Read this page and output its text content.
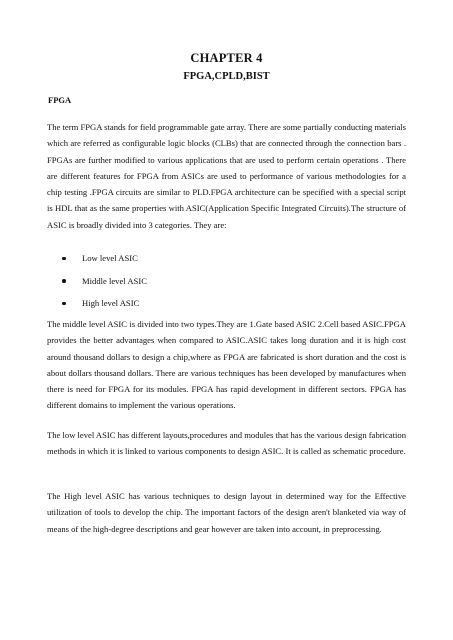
CHAPTER 4
FPGA,CPLD,BIST
FPGA

The term FPGA stands for field programmable gate array. There are some partially conducting materials which are referred as configurable logic blocks (CLBs) that are connected through the connection bars . FPGAs are further modified to various applications that are used to perform certain operations . There are different features for FPGA from ASICs are used to performance of various methodologies for a chip testing .FPGA circuits are similar to PLD.FPGA architecture can be specified with a special script is HDL that as the same properties with ASIC(Application Specific Integrated Circuits).The structure of ASIC is broadly divided into 3 categories. They are:

Low level ASIC
Middle level ASIC
High level ASIC

The middle level ASIC is divided into two types.They are 1.Gate based ASIC 2.Cell based ASIC.FPGA provides the better advantages when compared to ASIC.ASIC takes long duration and it is high cost around thousand dollars to design a chip,where as FPGA are fabricated is short duration and the cost is about dollars thousand dollars. There are various techniques has been developed by manufactures when there is need for FPGA for its modules. FPGA has rapid development in different sectors. FPGA has different domains to implement the various operations.

The low level ASIC has different layouts,procedures and modules that has the various design fabrication methods in which it is linked to various components to design ASIC. It is called as schematic procedure.

The High level ASIC has various techniques to design layout in determined way for the Effective utilization of tools to develop the chip. The important factors of the design aren't blanketed via way of means of the high-degree descriptions and gear however are taken into account, in preprocessing.
